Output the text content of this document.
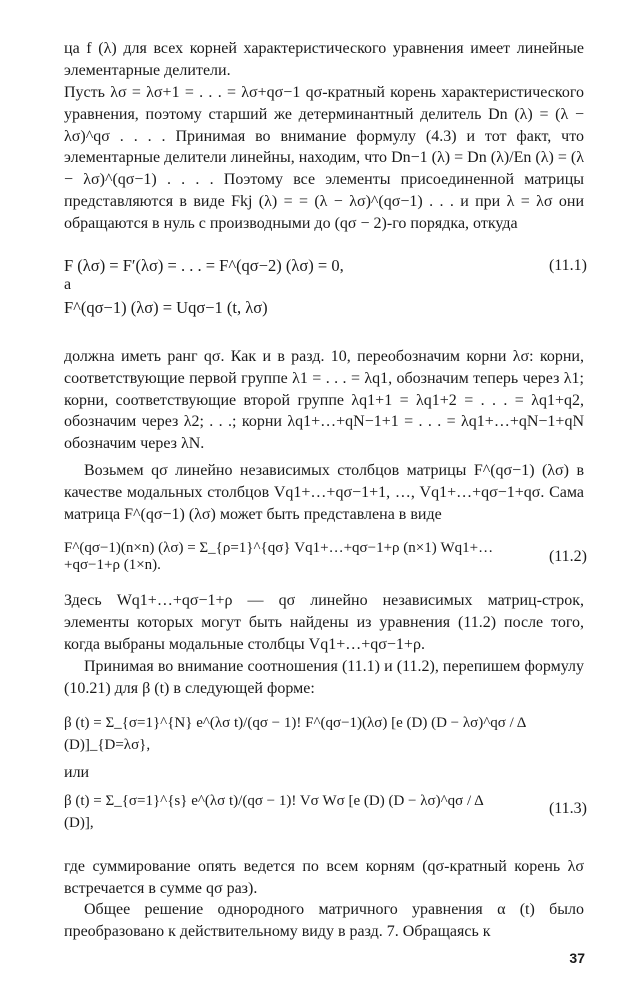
ца f (λ) для всех корней характеристического уравнения имеет линейные элементарные делители.

Пусть λσ = λσ+1 = . . . = λσ+qσ−1 qσ-кратный корень характеристического уравнения, поэтому старший же детерминантный делитель Dn (λ) = (λ − λσ)^qσ . . . . Принимая во внимание формулу (4.3) и тот факт, что элементарные делители линейны, находим, что Dn−1 (λ) = Dn (λ)/En (λ) = (λ − λσ)^(qσ−1) . . . . Поэтому все элементы присоединенной матрицы представляются в виде Fkj (λ) = = (λ − λσ)^(qσ−1) . . . и при λ = λσ они обращаются в нуль с производными до (qσ − 2)-го порядка, откуда

F (λσ) = F′(λσ) = . . . = F^(qσ−2) (λσ) = 0,	(11.1)
а
F^(qσ−1) (λσ) = Uqσ−1 (t, λσ)

должна иметь ранг qσ. Как и в разд. 10, переобозначим корни λσ: корни, соответствующие первой группе λ1 = . . . = λq1, обозначим теперь через λ1; корни, соответствующие второй группе λq1+1 = λq1+2 = . . . = λq1+q2, обозначим через λ2; . . .; корни λq1+…+qN−1+1 = . . . = λq1+…+qN−1+qN обозначим через λN.

Возьмем qσ линейно независимых столбцов матрицы F^(qσ−1) (λσ) в качестве модальных столбцов Vq1+…+qσ−1+1, …, Vq1+…+qσ−1+qσ. Сама матрица F^(qσ−1) (λσ) может быть представлена в виде

F^(qσ−1)(n×n) (λσ) = Σ_{ρ=1}^{qσ} Vq1+…+qσ−1+ρ (n×1) Wq1+…+qσ−1+ρ (1×n).	(11.2)

Здесь Wq1+…+qσ−1+ρ — qσ линейно независимых матриц-строк, элементы которых могут быть найдены из уравнения (11.2) после того, когда выбраны модальные столбцы Vq1+…+qσ−1+ρ.

Принимая во внимание соотношения (11.1) и (11.2), перепишем формулу (10.21) для β (t) в следующей форме:

β (t) = Σ_{σ=1}^{N} e^(λσ t)/(qσ − 1)! F^(qσ−1)(λσ) [e (D) (D − λσ)^qσ / Δ (D)]_{D=λσ},
или
β (t) = Σ_{σ=1}^{s} e^(λσ t)/(qσ − 1)! Vσ Wσ [e (D) (D − λσ)^qσ / Δ (D)],
(11.3)

где суммирование опять ведется по всем корням (qσ-кратный корень λσ встречается в сумме qσ раз).

Общее решение однородного матричного уравнения α (t) было преобразовано к действительному виду в разд. 7. Обращаясь к

37
